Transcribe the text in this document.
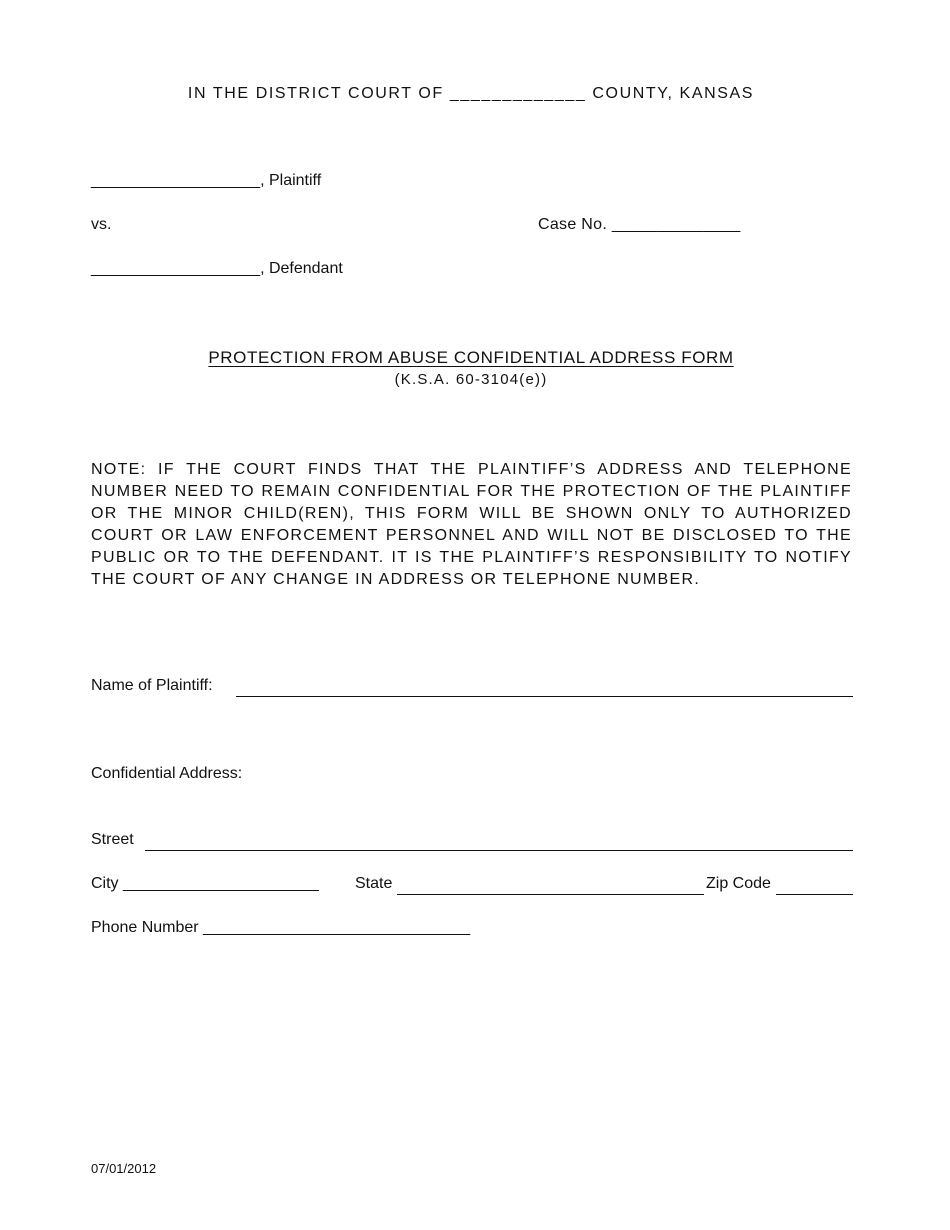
IN THE DISTRICT COURT OF _____________ COUNTY, KANSAS
___________________, Plaintiff
vs.	Case No. ______________
___________________, Defendant
PROTECTION FROM ABUSE CONFIDENTIAL ADDRESS FORM
(K.S.A. 60-3104(e))
NOTE: IF THE COURT FINDS THAT THE PLAINTIFF’S ADDRESS AND TELEPHONE
NUMBER NEED TO REMAIN CONFIDENTIAL FOR THE PROTECTION OF THE PLAINTIFF
OR THE MINOR CHILD(REN), THIS FORM WILL BE SHOWN ONLY TO AUTHORIZED
COURT OR LAW ENFORCEMENT PERSONNEL AND WILL NOT BE DISCLOSED TO THE
PUBLIC OR TO THE DEFENDANT. IT IS THE PLAINTIFF’S RESPONSIBILITY TO NOTIFY
THE COURT OF ANY CHANGE IN ADDRESS OR TELEPHONE NUMBER.
Name of Plaintiff:
Confidential Address:
Street
City ______________________ State	Zip Code
Phone Number ______________________________
07/01/2012
